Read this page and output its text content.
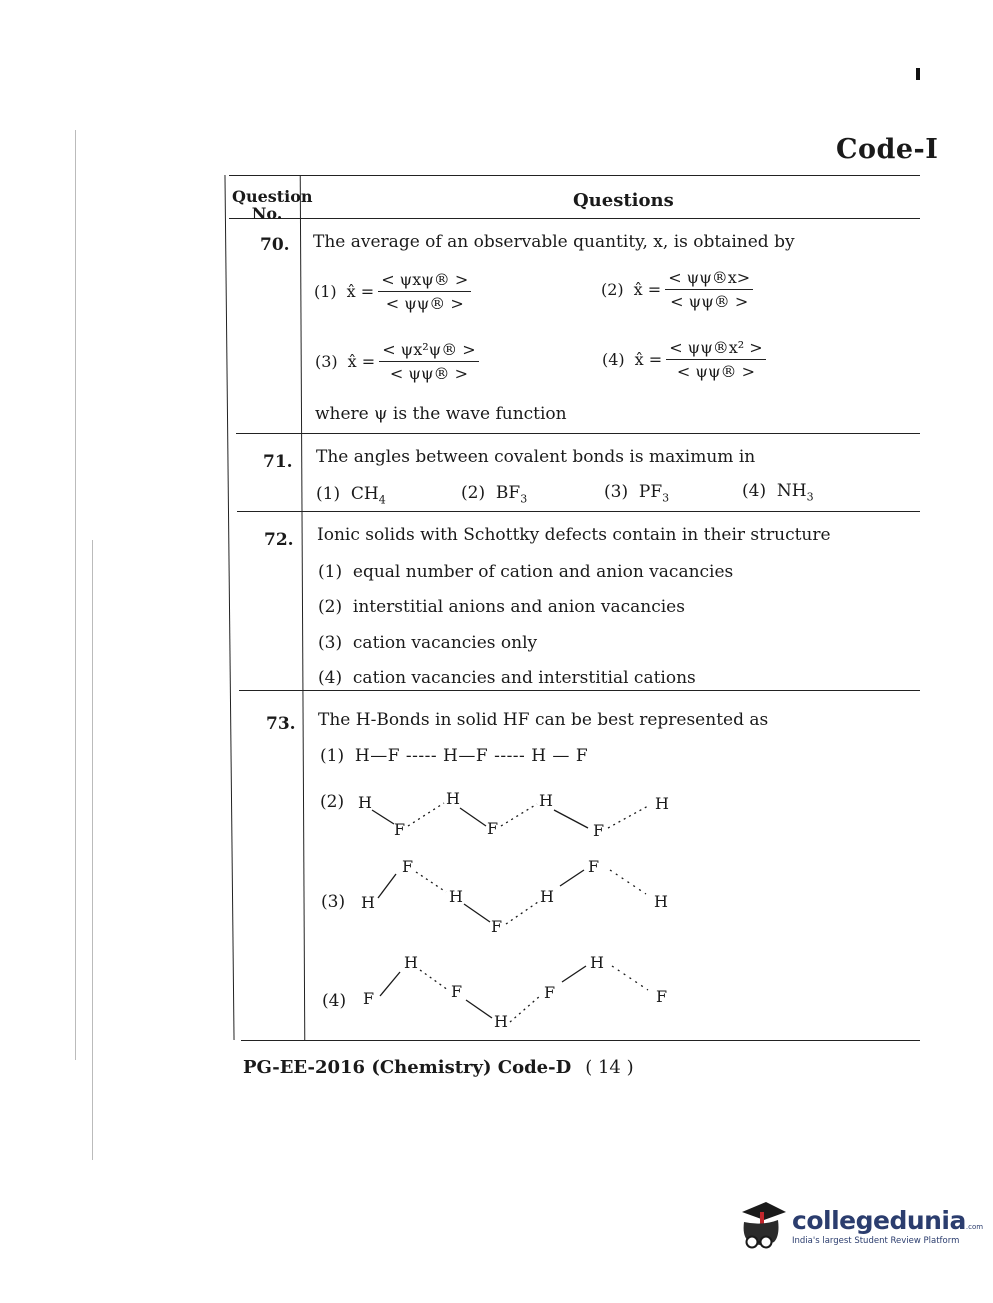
Code-I
Question No.
Questions
70. The average of an observable quantity, x, is obtained by
(1) x̂ = $\frac{\text{< ψxψ® >}}{< \psi\psi® >}$	(2) x̂ = $\frac{< \psi\psi®x>}{< \psi\psi® >}$
(3) x̂ = $\frac{\text{< ψx²ψ® >}}{< \psi\psi® >}$	(4) x̂ = $\frac{\text{< ψψ®x² >}}{< \psi\psi® >}$
where ψ is the wave function
71. The angles between covalent bonds is maximum in
(1) $CH_4$	(2) $BF_3$	(3) $PF_3$	(4) $NH_3$
72. Ionic solids with Schottky defects contain in their structure
(1) equal number of cation and anion vacancies
(2) interstitial anions and anion vacancies
(3) cation vacancies only
(4) cation vacancies and interstitial cations
73. The H-Bonds in solid HF can be best represented as
(1) H—F ----- H—F ----- H — F
(2)
(3)
(4)
H
F
H
F
H
F
H
H
F
H
F
H
F
H
F
H
F
H
F
H
F
PG-EE-2016 (Chemistry) Code-D ( 14 )
collegedunia.com
India's largest Student Review Platform
